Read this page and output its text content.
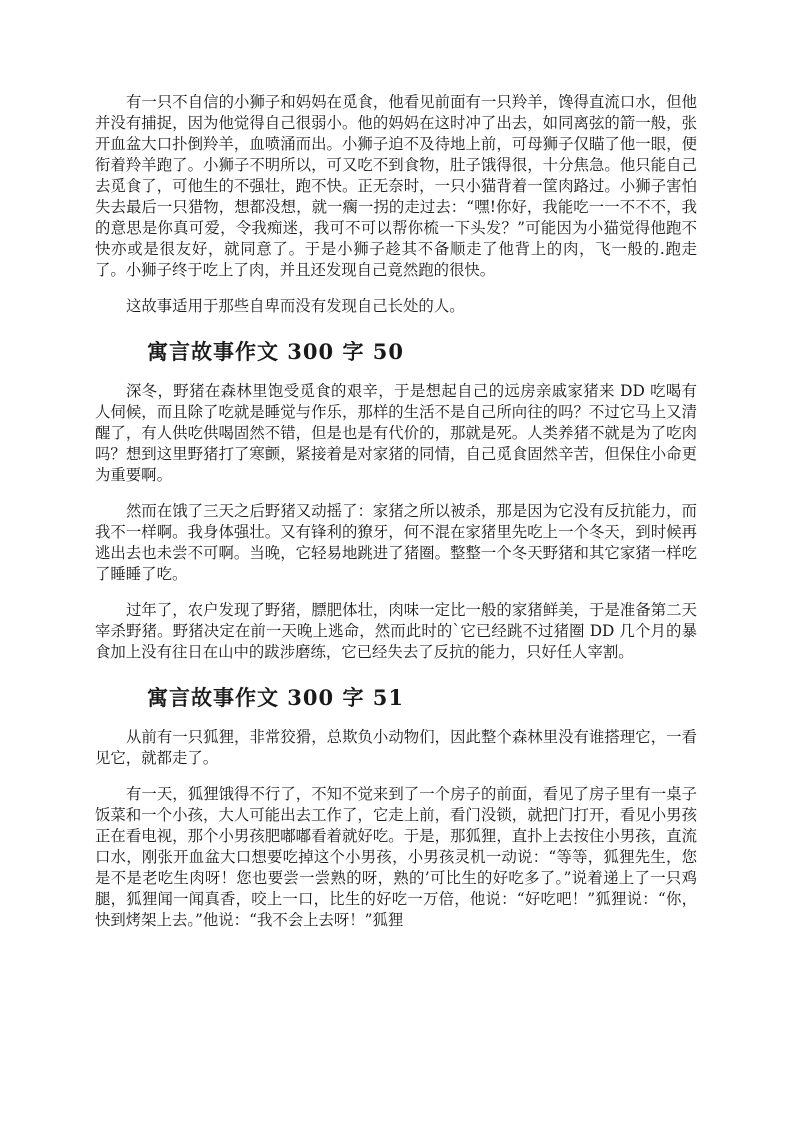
有一只不自信的小狮子和妈妈在觅食，他看见前面有一只羚羊，馋得直流口水，但他并没有捕捉，因为他觉得自己很弱小。他的妈妈在这时冲了出去，如同离弦的箭一般，张开血盆大口扑倒羚羊，血喷涌而出。小狮子迫不及待地上前，可母狮子仅瞄了他一眼，便衔着羚羊跑了。小狮子不明所以，可又吃不到食物，肚子饿得很，十分焦急。他只能自己去觅食了，可他生的不强壮，跑不快。正无奈时，一只小猫背着一筐肉路过。小狮子害怕失去最后一只猎物，想都没想，就一瘸一拐的走过去：“嘿!你好，我能吃一一不不不，我的意思是你真可爱，令我痴迷，我可不可以帮你梳一下头发？”可能因为小猫觉得他跑不快亦或是很友好，就同意了。于是小狮子趁其不备顺走了他背上的肉，飞一般的.跑走了。小狮子终于吃上了肉，并且还发现自己竟然跑的很快。

这故事适用于那些自卑而没有发现自己长处的人。

寓言故事作文 300 字 50

深冬，野猪在森林里饱受觅食的艰辛，于是想起自己的远房亲戚家猪来 DD 吃喝有人伺候，而且除了吃就是睡觉与作乐，那样的生活不是自己所向往的吗？不过它马上又清醒了，有人供吃供喝固然不错，但是也是有代价的，那就是死。人类养猪不就是为了吃肉吗？想到这里野猪打了寒颤，紧接着是对家猪的同情，自己觅食固然辛苦，但保住小命更为重要啊。

然而在饿了三天之后野猪又动摇了：家猪之所以被杀，那是因为它没有反抗能力，而我不一样啊。我身体强壮。又有锋利的獠牙，何不混在家猪里先吃上一个冬天，到时候再逃出去也未尝不可啊。当晚，它轻易地跳进了猪圈。整整一个冬天野猪和其它家猪一样吃了睡睡了吃。

过年了，农户发现了野猪，膘肥体壮，肉味一定比一般的家猪鲜美，于是准备第二天宰杀野猪。野猪决定在前一天晚上逃命，然而此时的`它已经跳不过猪圈 DD 几个月的暴食加上没有往日在山中的跋涉磨练，它已经失去了反抗的能力，只好任人宰割。

寓言故事作文 300 字 51

从前有一只狐狸，非常狡猾，总欺负小动物们，因此整个森林里没有谁搭理它，一看见它，就都走了。

有一天，狐狸饿得不行了，不知不觉来到了一个房子的前面，看见了房子里有一桌子饭菜和一个小孩，大人可能出去工作了，它走上前，看门没锁，就把门打开，看见小男孩正在看电视，那个小男孩肥嘟嘟看着就好吃。于是，那狐狸，直扑上去按住小男孩，直流口水，刚张开血盆大口想要吃掉这个小男孩，小男孩灵机一动说：“等等，狐狸先生，您是不是老吃生肉呀！您也要尝一尝熟的呀，熟的’可比生的好吃多了。”说着递上了一只鸡腿，狐狸闻一闻真香，咬上一口，比生的好吃一万倍，他说：“好吃吧！”狐狸说：“你，快到烤架上去。”他说：“我不会上去呀！”狐狸
